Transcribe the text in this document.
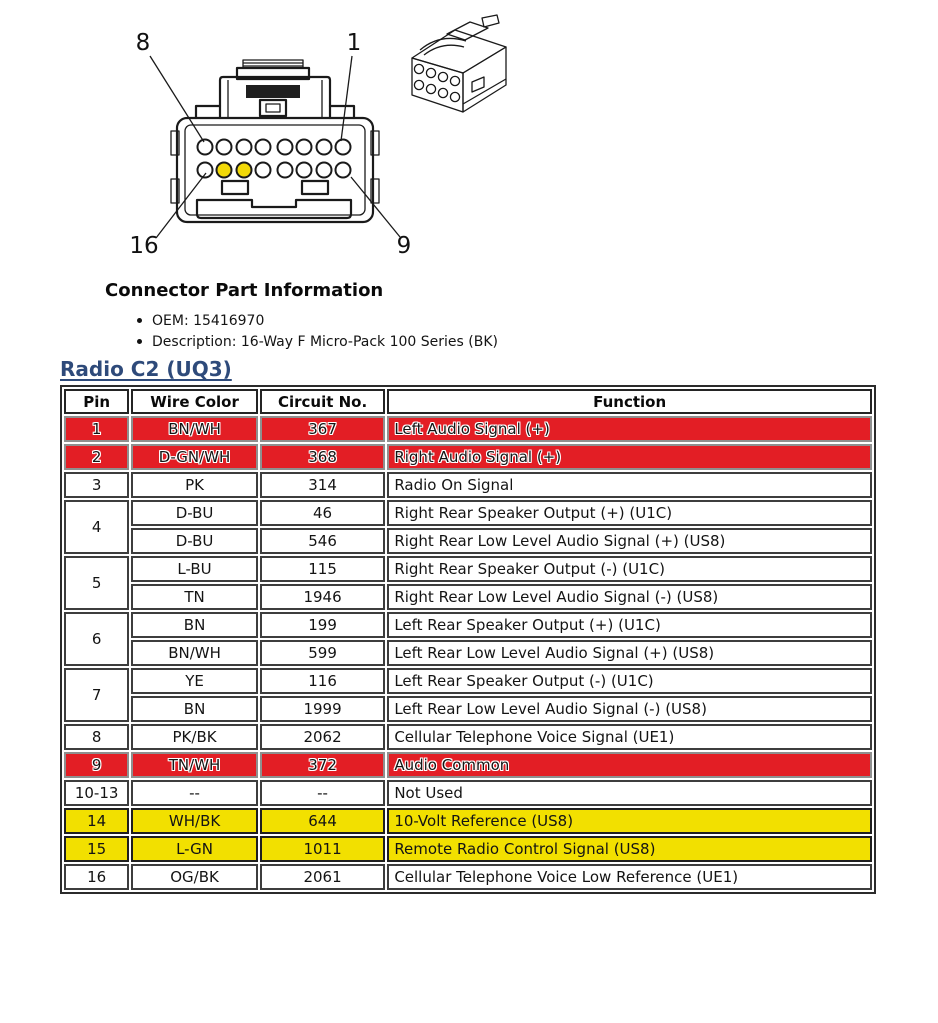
8	1
16	9
Connector Part Information
OEM: 15416970
Description: 16-Way F Micro-Pack 100 Series (BK)
Radio C2 (UQ3)
Pin	Wire Color	Circuit No.	Function
1	BN/WH	367	Left Audio Signal (+)
2	D-GN/WH	368	Right Audio Signal (+)
3	PK	314	Radio On Signal
4	D-BU	46	Right Rear Speaker Output (+) (U1C)
	D-BU	546	Right Rear Low Level Audio Signal (+) (US8)
5	L-BU	115	Right Rear Speaker Output (-) (U1C)
	TN	1946	Right Rear Low Level Audio Signal (-) (US8)
6	BN	199	Left Rear Speaker Output (+) (U1C)
	BN/WH	599	Left Rear Low Level Audio Signal (+) (US8)
7	YE	116	Left Rear Speaker Output (-) (U1C)
	BN	1999	Left Rear Low Level Audio Signal (-) (US8)
8	PK/BK	2062	Cellular Telephone Voice Signal (UE1)
9	TN/WH	372	Audio Common
10-13	--	--	Not Used
14	WH/BK	644	10-Volt Reference (US8)
15	L-GN	1011	Remote Radio Control Signal (US8)
16	OG/BK	2061	Cellular Telephone Voice Low Reference (UE1)
